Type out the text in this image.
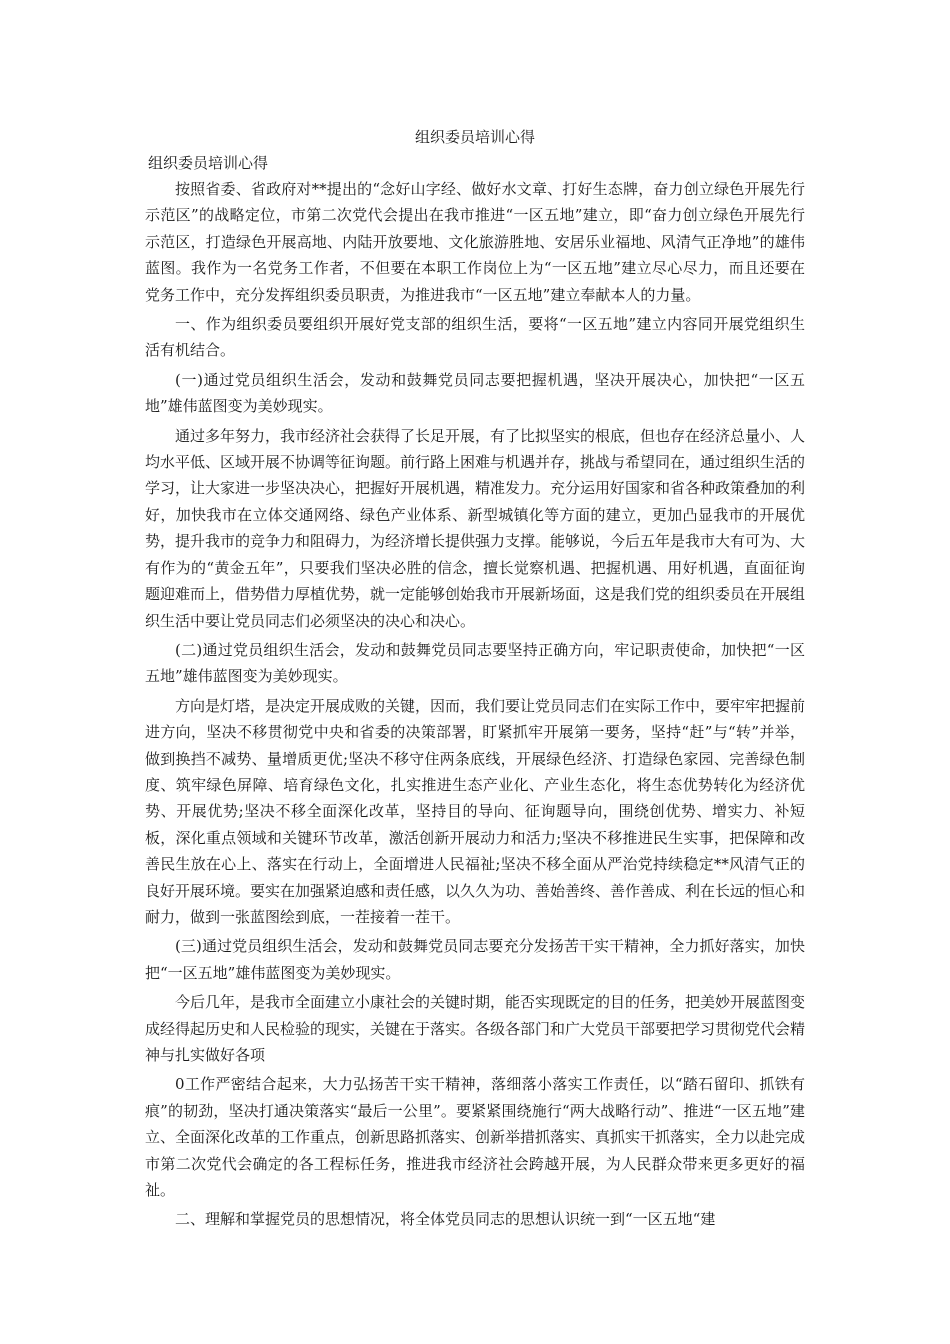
组织委员培训心得
组织委员培训心得

按照省委、省政府对**提出的“念好山字经、做好水文章、打好生态牌，奋力创立绿色开展先行示范区”的战略定位，市第二次党代会提出在我市推进“一区五地”建立，即“奋力创立绿色开展先行示范区，打造绿色开展高地、内陆开放要地、文化旅游胜地、安居乐业福地、风清气正净地”的雄伟蓝图。我作为一名党务工作者，不但要在本职工作岗位上为“一区五地”建立尽心尽力，而且还要在党务工作中，充分发挥组织委员职责，为推进我市“一区五地”建立奉献本人的力量。

一、作为组织委员要组织开展好党支部的组织生活，要将“一区五地”建立内容同开展党组织生活有机结合。

(一)通过党员组织生活会，发动和鼓舞党员同志要把握机遇，坚决开展决心，加快把“一区五地”雄伟蓝图变为美妙现实。

通过多年努力，我市经济社会获得了长足开展，有了比拟坚实的根底，但也存在经济总量小、人均水平低、区域开展不协调等征询题。前行路上困难与机遇并存，挑战与希望同在，通过组织生活的学习，让大家进一步坚决决心，把握好开展机遇，精准发力。充分运用好国家和省各种政策叠加的利好，加快我市在立体交通网络、绿色产业体系、新型城镇化等方面的建立，更加凸显我市的开展优势，提升我市的竞争力和阻碍力，为经济增长提供强力支撑。能够说，今后五年是我市大有可为、大有作为的“黄金五年”，只要我们坚决必胜的信念，擅长觉察机遇、把握机遇、用好机遇，直面征询题迎难而上，借势借力厚植优势，就一定能够创始我市开展新场面，这是我们党的组织委员在开展组织生活中要让党员同志们必须坚决的决心和决心。

(二)通过党员组织生活会，发动和鼓舞党员同志要坚持正确方向，牢记职责使命，加快把“一区五地”雄伟蓝图变为美妙现实。

方向是灯塔，是决定开展成败的关键，因而，我们要让党员同志们在实际工作中，要牢牢把握前进方向，坚决不移贯彻党中央和省委的决策部署，盯紧抓牢开展第一要务，坚持“赶”与“转”并举，做到换挡不减势、量增质更优;坚决不移守住两条底线，开展绿色经济、打造绿色家园、完善绿色制度、筑牢绿色屏障、培育绿色文化，扎实推进生态产业化、产业生态化，将生态优势转化为经济优势、开展优势;坚决不移全面深化改革，坚持目的导向、征询题导向，围绕创优势、增实力、补短板，深化重点领域和关键环节改革，激活创新开展动力和活力;坚决不移推进民生实事，把保障和改善民生放在心上、落实在行动上，全面增进人民福祉;坚决不移全面从严治党持续稳定**风清气正的良好开展环境。要实在加强紧迫感和责任感，以久久为功、善始善终、善作善成、利在长远的恒心和耐力，做到一张蓝图绘到底，一茬接着一茬干。

(三)通过党员组织生活会，发动和鼓舞党员同志要充分发扬苦干实干精神，全力抓好落实，加快把“一区五地”雄伟蓝图变为美妙现实。

今后几年，是我市全面建立小康社会的关键时期，能否实现既定的目的任务，把美妙开展蓝图变成经得起历史和人民检验的现实，关键在于落实。各级各部门和广大党员干部要把学习贯彻党代会精神与扎实做好各项

0工作严密结合起来，大力弘扬苦干实干精神，落细落小落实工作责任，以“踏石留印、抓铁有痕”的韧劲，坚决打通决策落实“最后一公里”。要紧紧围绕施行“两大战略行动”、推进“一区五地”建立、全面深化改革的工作重点，创新思路抓落实、创新举措抓落实、真抓实干抓落实，全力以赴完成市第二次党代会确定的各工程标任务，推进我市经济社会跨越开展，为人民群众带来更多更好的福祉。

二、理解和掌握党员的思想情况，将全体党员同志的思想认识统一到“一区五地“建
